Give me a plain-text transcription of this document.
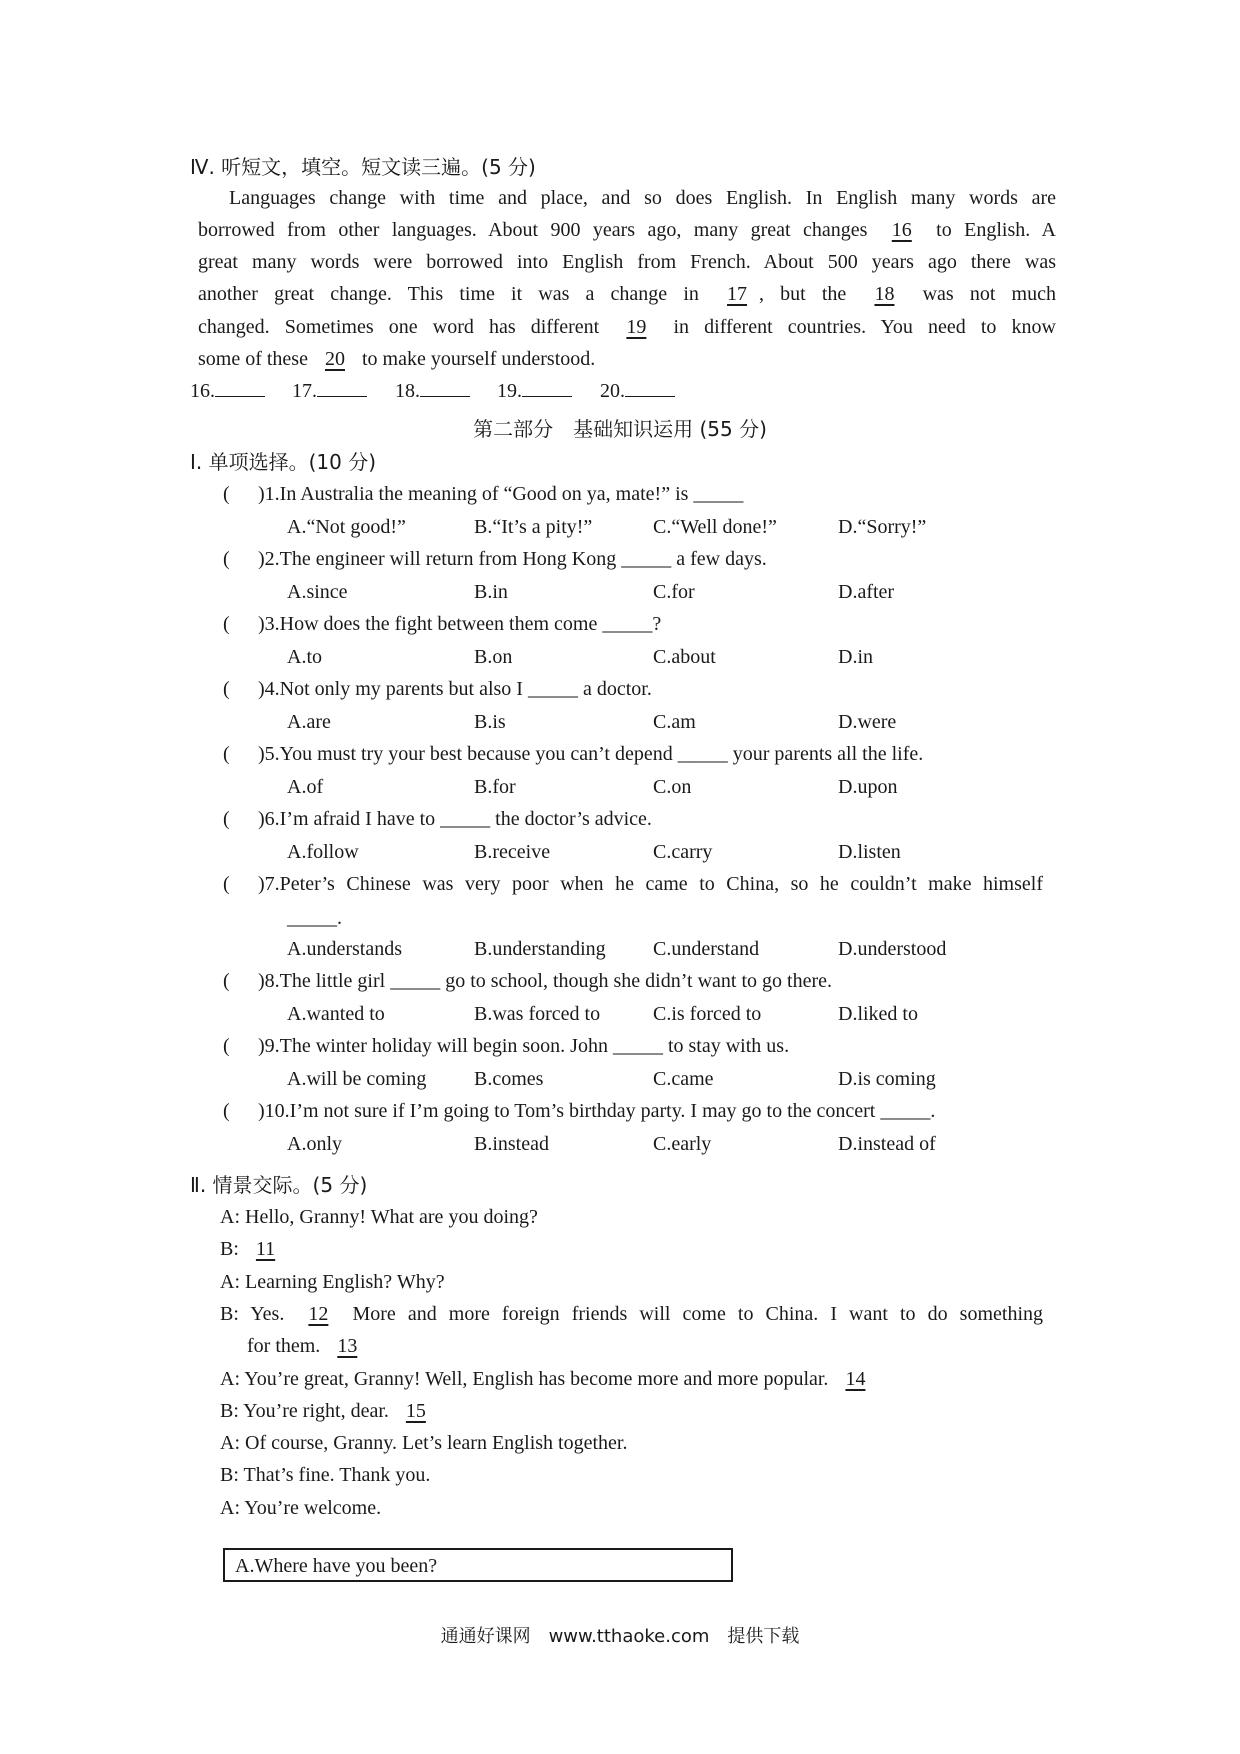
Ⅳ. 听短文，填空。短文读三遍。(5 分)
Languages change with time and place, and so does English. In English many words are
borrowed from other languages. About 900 years ago, many great changes 16 to English. A
great many words were borrowed into English from French. About 500 years ago there was
another great change. This time it was a change in 17 , but the 18 was not much
changed. Sometimes one word has different 19 in different countries. You need to know
some of these 20 to make yourself understood.
16.	17.	18.	19.	20.
第二部分　基础知识运用 (55 分)
Ⅰ. 单项选择。(10 分)
( )1.In Australia the meaning of “Good on ya, mate!” is _____
A.“Not good!”	B.“It’s a pity!”	C.“Well done!”	D.“Sorry!”
( )2.The engineer will return from Hong Kong _____ a few days.
A.since	B.in	C.for	D.after
( )3.How does the fight between them come _____?
A.to	B.on	C.about	D.in
( )4.Not only my parents but also I _____ a doctor.
A.are	B.is	C.am	D.were
( )5.You must try your best because you can’t depend _____ your parents all the life.
A.of	B.for	C.on	D.upon
( )6.I’m afraid I have to _____ the doctor’s advice.
A.follow	B.receive	C.carry	D.listen
( )7.Peter’s Chinese was very poor when he came to China, so he couldn’t make himself
_____.
A.understands	B.understanding C.understand	D.understood
( )8.The little girl _____ go to school, though she didn’t want to go there.
A.wanted to	B.was forced to	C.is forced to	D.liked to
( )9.The winter holiday will begin soon. John _____ to stay with us.
A.will be coming B.comes	C.came	D.is coming
( )10.I’m not sure if I’m going to Tom’s birthday party. I may go to the concert _____.
A.only	B.instead	C.early	D.instead of
Ⅱ. 情景交际。(5 分)
A: Hello, Granny! What are you doing?
B: 11
A: Learning English? Why?
B: Yes. 12 More and more foreign friends will come to China. I want to do something
for them. 13
A: You’re great, Granny! Well, English has become more and more popular. 14
B: You’re right, dear. 15
A: Of course, Granny. Let’s learn English together.
B: That’s fine. Thank you.
A: You’re welcome.
A.Where have you been?
通通好课网　www.tthaoke.com　提供下载
